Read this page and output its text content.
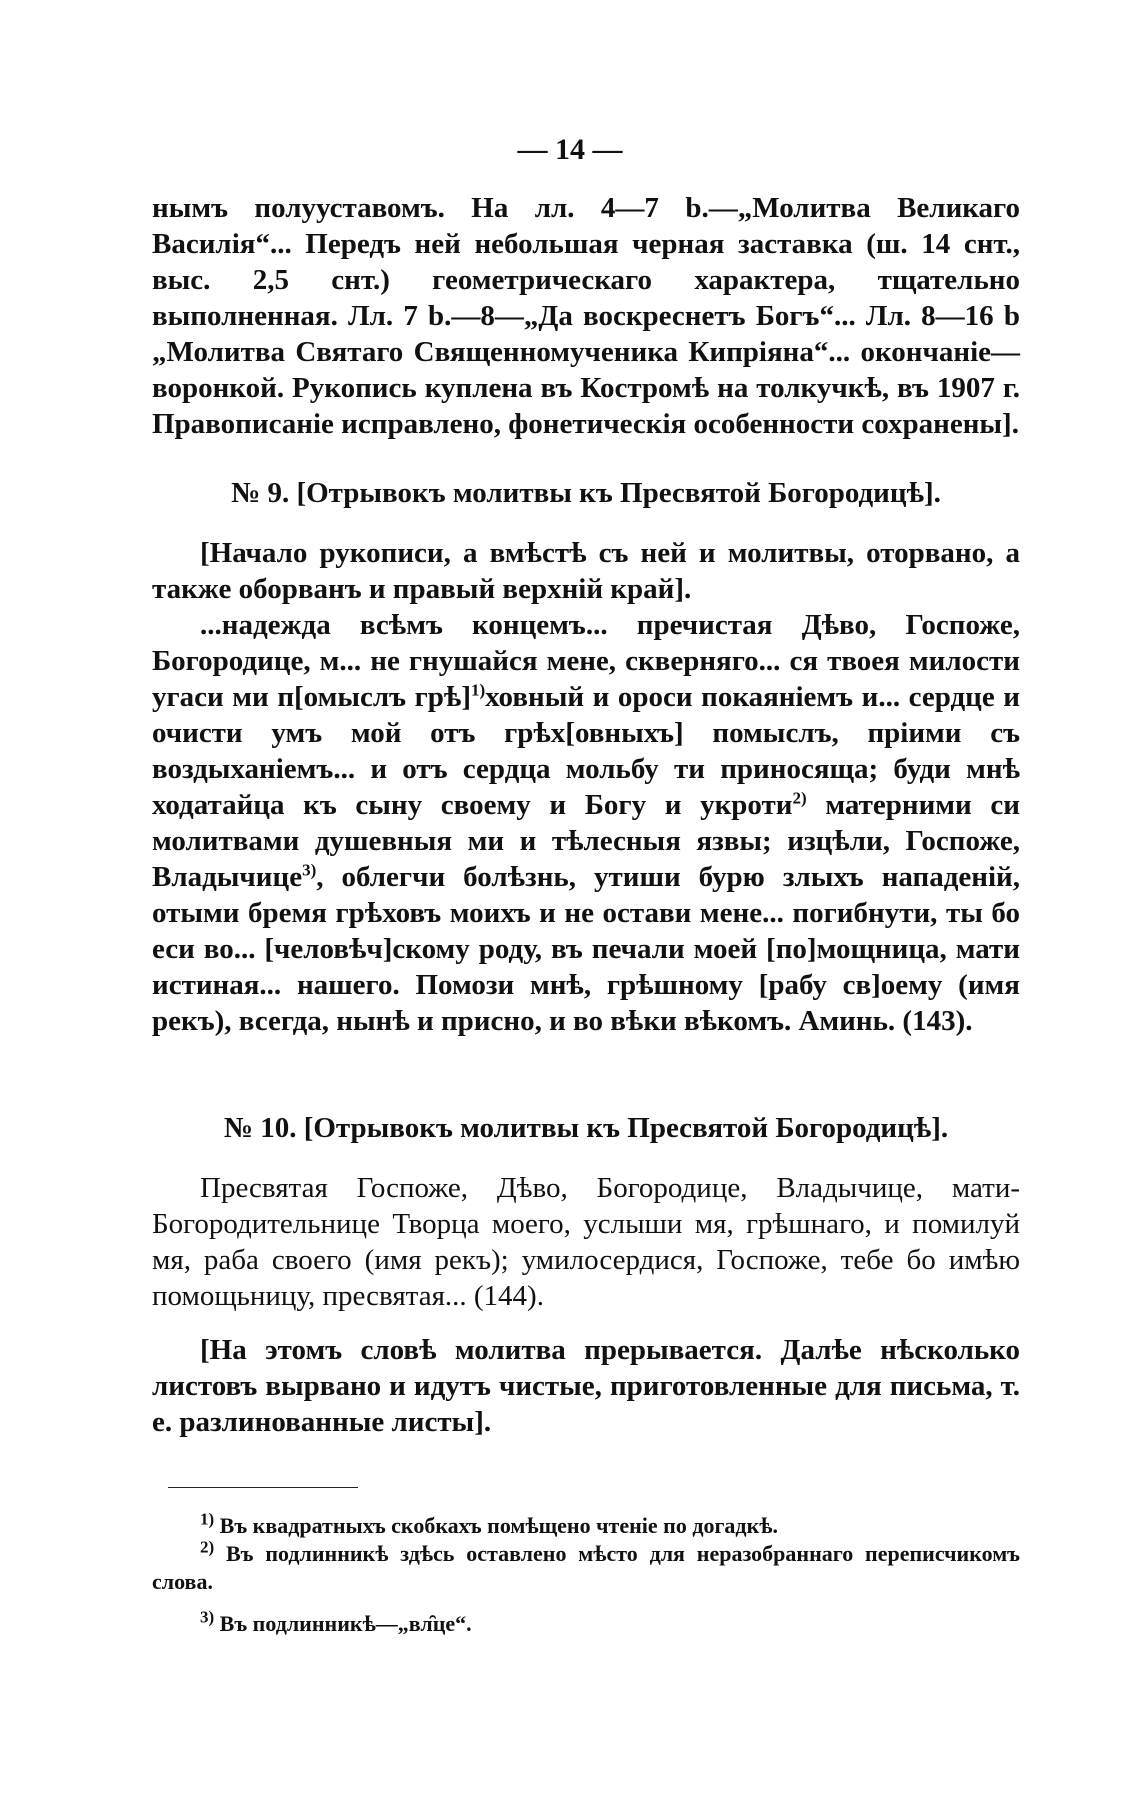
— 14 —

нымъ полууставомъ. На лл. 4—7 b.—„Молитва Великаго Василія“... Передъ ней небольшая черная заставка (ш. 14 снт., выс. 2,5 снт.) геометрическаго характера, тщательно выполненная. Лл. 7 b.—8—„Да воскреснетъ Богъ“... Лл. 8—16 b „Молитва Святаго Священномученика Кипріяна“... окончаніе—воронкой. Рукопись куплена въ Костромѣ на толкучкѣ, въ 1907 г. Правописаніе исправлено, фонетическія особенности сохранены].

№ 9. [Отрывокъ молитвы къ Пресвятой Богородицѣ].

[Начало рукописи, а вмѣстѣ съ ней и молитвы, оторвано, а также оборванъ и правый верхній край].

...надежда всѣмъ концемъ... пречистая Дѣво, Госпоже, Богородице, м... не гнушайся мене, скверняго... ся твоея милости угаси ми п[омыслъ грѣ]$^{1)}$ховный и ороси покаяніемъ и... сердце и очисти умъ мой отъ грѣх[овныхъ] помыслъ, пріими съ воздыханіемъ... и отъ сердца мольбу ти приносяща; буди мнѣ ходатайца къ сыну своему и Богу и укроти$^{2)}$ матерними си молитвами душевныя ми и тѣлесныя язвы; изцѣли, Госпоже, Владычице$^{3)}$, облегчи болѣзнь, утиши бурю злыхъ нападеній, отыми бремя грѣховъ моихъ и не остави мене... погибнути, ты бо еси во... [человѣч]скому роду, въ печали моей [по]мощница, мати истиная... нашего. Помози мнѣ, грѣшному [рабу св]оему (имя рекъ), всегда, нынѣ и присно, и во вѣки вѣкомъ. Аминь. (143).

№ 10. [Отрывокъ молитвы къ Пресвятой Богородицѣ].

Пресвятая Госпоже, Дѣво, Богородице, Владычице, мати-Богородительнице Творца моего, услыши мя, грѣшнаго, и помилуй мя, раба своего (имя рекъ); умилосердися, Госпоже, тебе бо имѣю помощьницу, пресвятая... (144).

[На этомъ словѣ молитва прерывается. Далѣе нѣсколько листовъ вырвано и идутъ чистые, приготовленные для письма, т. е. разлинованные листы].

$^{1)}$ Въ квадратныхъ скобкахъ помѣщено чтеніе по догадкѣ.

$^{2)}$ Въ подлинникѣ здѣсь оставлено мѣсто для неразобраннаго переписчикомъ слова.

$^{3)}$ Въ подлинникѣ—„вл̑це“.
